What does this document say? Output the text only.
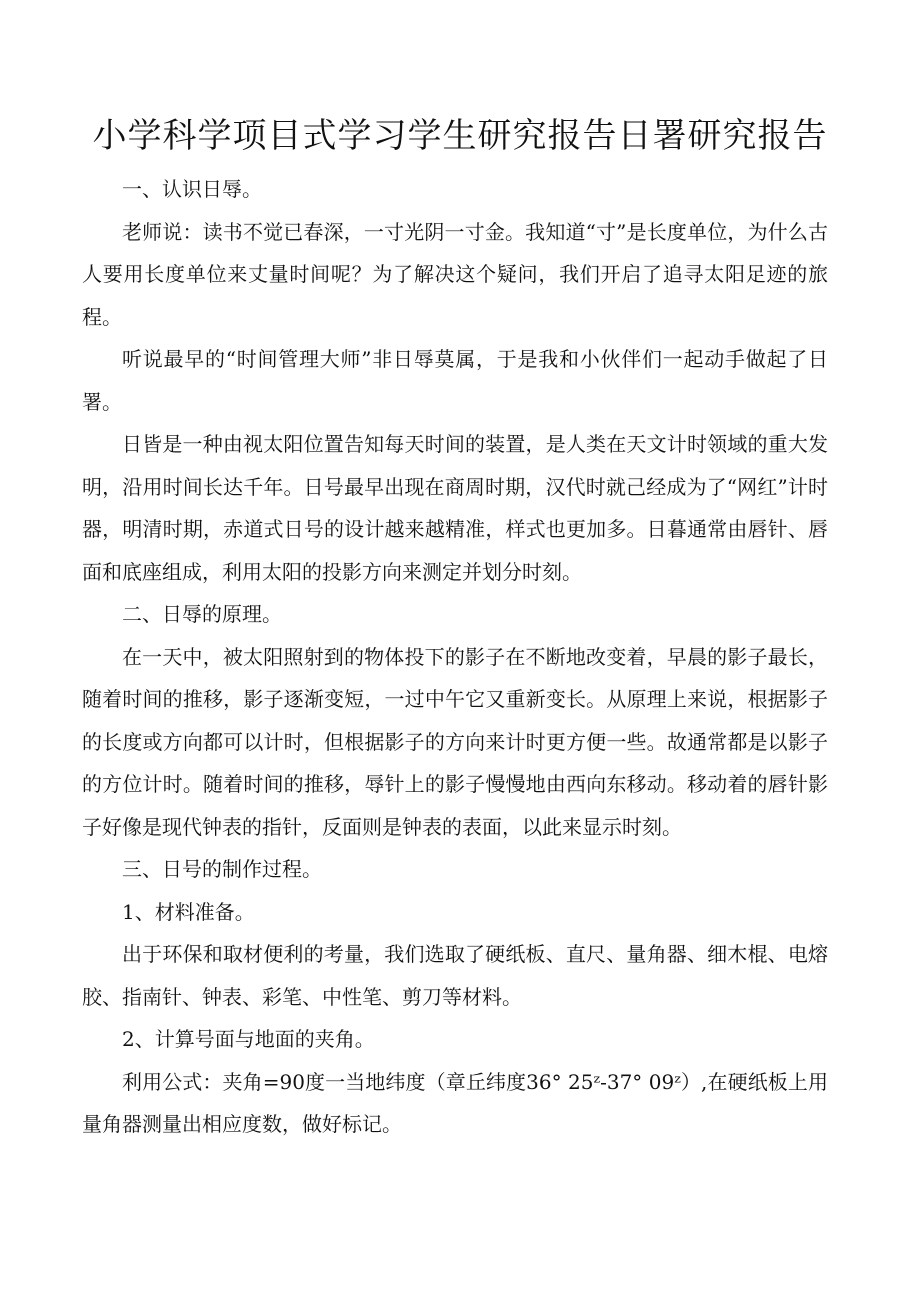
小学科学项目式学习学生研究报告日署研究报告

一、认识日辱。

老师说：读书不觉已春深，一寸光阴一寸金。我知道“寸”是长度单位，为什么古人要用长度单位来丈量时间呢？为了解决这个疑问，我们开启了追寻太阳足迹的旅程。

听说最早的“时间管理大师”非日辱莫属，于是我和小伙伴们一起动手做起了日署。

日皆是一种由视太阳位置告知每天时间的装置，是人类在天文计时领域的重大发明，沿用时间长达千年。日号最早出现在商周时期，汉代时就己经成为了“网红”计时器，明清时期，赤道式日号的设计越来越精准，样式也更加多。日暮通常由唇针、唇面和底座组成，利用太阳的投影方向来测定并划分时刻。

二、日辱的原理。

在一天中，被太阳照射到的物体投下的影子在不断地改变着，早晨的影子最长，随着时间的推移，影子逐渐变短，一过中午它又重新变长。从原理上来说，根据影子的长度或方向都可以计时，但根据影子的方向来计时更方便一些。故通常都是以影子的方位计时。随着时间的推移，辱针上的影子慢慢地由西向东移动。移动着的唇针影子好像是现代钟表的指针，反面则是钟表的表面，以此来显示时刻。

三、日号的制作过程。

1、材料准备。

出于环保和取材便利的考量，我们选取了硬纸板、直尺、量角器、细木棍、电熔胶、指南针、钟表、彩笔、中性笔、剪刀等材料。

2、计算号面与地面的夹角。

利用公式：夹角=90度一当地纬度（章丘纬度36° 25ᶻ-37° 09ᶻ）,在硬纸板上用量角器测量出相应度数，做好标记。
